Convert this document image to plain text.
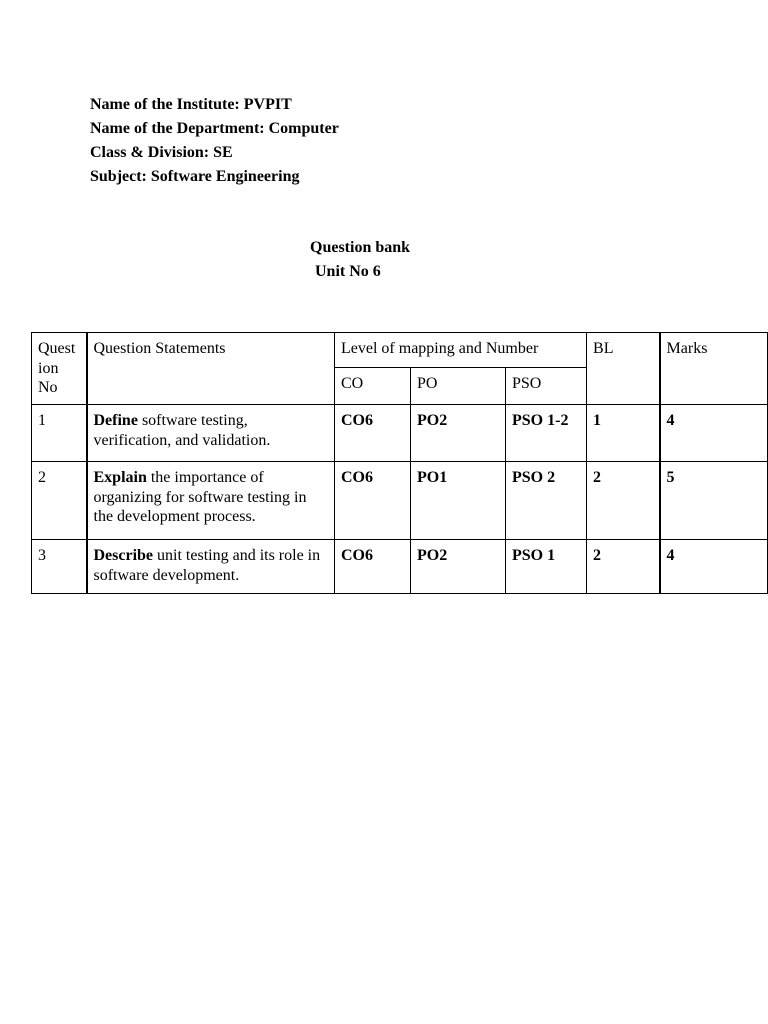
Name of the Institute: PVPIT
Name of the Department: Computer
Class & Division: SE
Subject: Software Engineering
Question bank
Unit No 6
Quest
ion
No	Question Statements	Level of mapping and Number			BL	Marks
		CO	PO	PSO		
1	Define software testing, verification, and validation.	CO6	PO2	PSO 1-2	1	4
2	Explain the importance of organizing for software testing in the development process.	CO6	PO1	PSO 2	2	5
3	Describe unit testing and its role in software development.	CO6	PO2	PSO 1	2	4
